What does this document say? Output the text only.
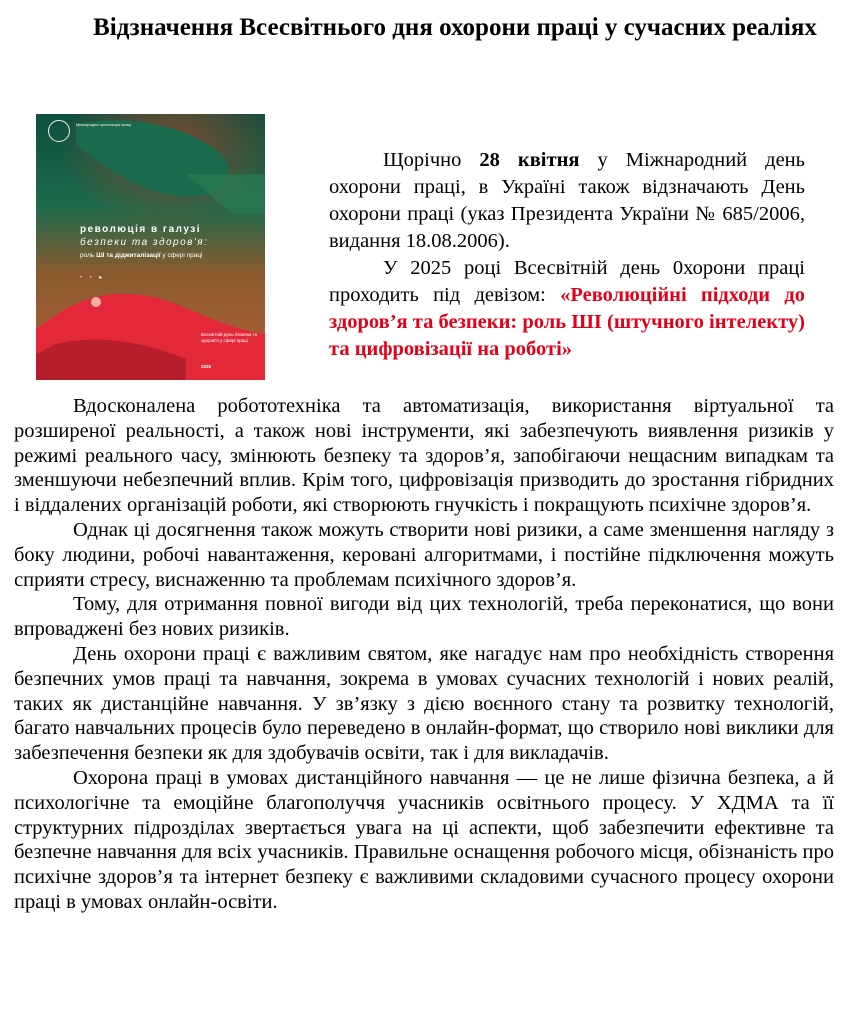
Відзначення Всесвітнього дня охорони праці у сучасних реаліях
Міжнародна організація праці
революція в галузі
безпеки та здоров'я:
роль ШІ та діджиталізації у сфері праці
• • ▸
Всесвітній день безпеки та здоров'я у сфері праці
2025

Щорічно 28 квітня у Міжнародний день охорони праці, в Україні також відзначають День охорони праці (указ Президента України № 685/2006, видання 18.08.2006).

У 2025 році Всесвітній день 0хорони праці проходить під девізом: «Революційні підходи до здоров’я та безпеки: роль ШІ (штучного інтелекту) та цифровізації на роботі»

Вдосконалена робототехніка та автоматизація, використання віртуальної та розширеної реальності, а також нові інструменти, які забезпечують виявлення ризиків у режимі реального часу, змінюють безпеку та здоров’я, запобігаючи нещасним випадкам та зменшуючи небезпечний вплив. Крім того, цифровізація призводить до зростання гібридних і віддалених організацій роботи, які створюють гнучкість і покращують психічне здоров’я.

Однак ці досягнення також можуть створити нові ризики, а саме зменшення нагляду з боку людини, робочі навантаження, керовані алгоритмами, і постійне підключення можуть сприяти стресу, виснаженню та проблемам психічного здоров’я.

Тому, для отримання повної вигоди від цих технологій, треба переконатися, що вони впроваджені без нових ризиків.

День охорони праці є важливим святом, яке нагадує нам про необхідність створення безпечних умов праці та навчання, зокрема в умовах сучасних технологій і нових реалій, таких як дистанційне навчання. У зв’язку з дією воєнного стану та розвитку технологій, багато навчальних процесів було переведено в онлайн-формат, що створило нові виклики для забезпечення безпеки як для здобувачів освіти, так і для викладачів.

Охорона праці в умовах дистанційного навчання — це не лише фізична безпека, а й психологічне та емоційне благополуччя учасників освітнього процесу. У ХДМА та її структурних підрозділах звертається увага на ці аспекти, щоб забезпечити ефективне та безпечне навчання для всіх учасників. Правильне оснащення робочого місця, обізнаність про психічне здоров’я та інтернет безпеку є важливими складовими сучасного процесу охорони праці в умовах онлайн-освіти.
